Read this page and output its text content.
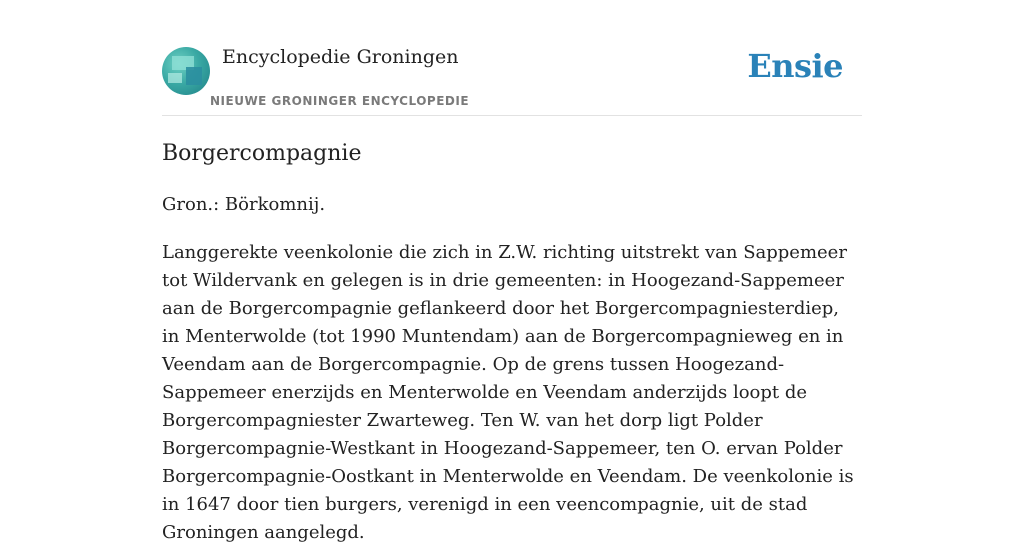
Encyclopedie Groningen
NIEUWE GRONINGER ENCYCLOPEDIE
Ensie
Borgercompagnie

Gron.: Börkomnij.

Langgerekte veenkolonie die zich in Z.W. richting uitstrekt van Sappemeer tot Wildervank en gelegen is in drie gemeenten: in Hoogezand-Sappemeer aan de Borgercompagnie geflankeerd door het Borgercompagniesterdiep, in Menterwolde (tot 1990 Muntendam) aan de Borgercompagnieweg en in Veendam aan de Borgercompagnie. Op de grens tussen Hoogezand-Sappemeer enerzijds en Menterwolde en Veendam anderzijds loopt de Borgercompagniester Zwarteweg. Ten W. van het dorp ligt Polder Borgercompagnie-Westkant in Hoogezand-Sappemeer, ten O. ervan Polder Borgercompagnie-Oostkant in Menterwolde en Veendam. De veenkolonie is in 1647 door tien burgers, verenigd in een veencompagnie, uit de stad Groningen aangelegd.
